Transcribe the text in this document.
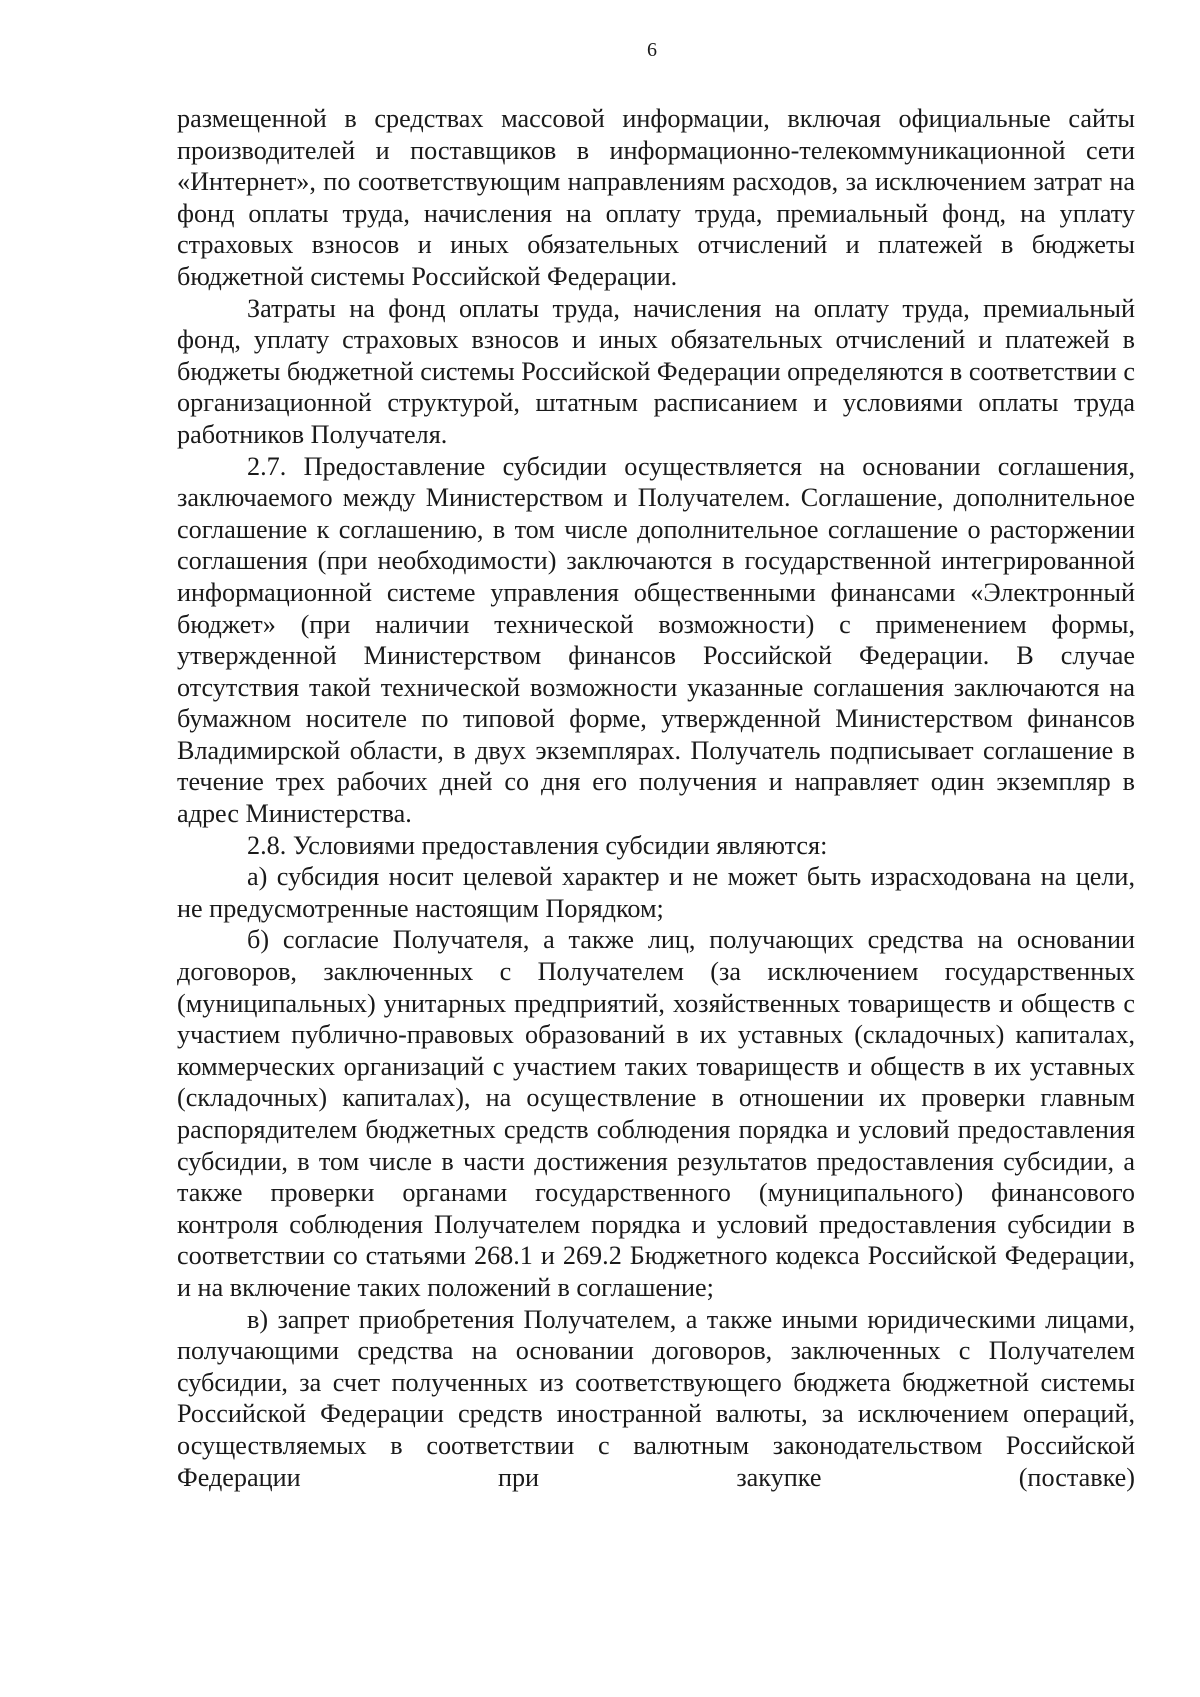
6

размещенной в средствах массовой информации, включая официальные сайты производителей и поставщиков в информационно-телекоммуникационной сети «Интернет», по соответствующим направлениям расходов, за исключением затрат на фонд оплаты труда, начисления на оплату труда, премиальный фонд, на уплату страховых взносов и иных обязательных отчислений и платежей в бюджеты бюджетной системы Российской Федерации.

Затраты на фонд оплаты труда, начисления на оплату труда, премиальный фонд, уплату страховых взносов и иных обязательных отчислений и платежей в бюджеты бюджетной системы Российской Федерации определяются в соответствии с организационной структурой, штатным расписанием и условиями оплаты труда работников Получателя.

2.7. Предоставление субсидии осуществляется на основании соглашения, заключаемого между Министерством и Получателем. Соглашение, дополнительное соглашение к соглашению, в том числе дополнительное соглашение о расторжении соглашения (при необходимости) заключаются в государственной интегрированной информационной системе управления общественными финансами «Электронный бюджет» (при наличии технической возможности) с применением формы, утвержденной Министерством финансов Российской Федерации. В случае отсутствия такой технической возможности указанные соглашения заключаются на бумажном носителе по типовой форме, утвержденной Министерством финансов Владимирской области, в двух экземплярах. Получатель подписывает соглашение в течение трех рабочих дней со дня его получения и направляет один экземпляр в адрес Министерства.

2.8. Условиями предоставления субсидии являются:

а) субсидия носит целевой характер и не может быть израсходована на цели, не предусмотренные настоящим Порядком;

б) согласие Получателя, а также лиц, получающих средства на основании договоров, заключенных с Получателем (за исключением государственных (муниципальных) унитарных предприятий, хозяйственных товариществ и обществ с участием публично-правовых образований в их уставных (складочных) капиталах, коммерческих организаций с участием таких товариществ и обществ в их уставных (складочных) капиталах), на осуществление в отношении их проверки главным распорядителем бюджетных средств соблюдения порядка и условий предоставления субсидии, в том числе в части достижения результатов предоставления субсидии, а также проверки органами государственного (муниципального) финансового контроля соблюдения Получателем порядка и условий предоставления субсидии в соответствии со статьями 268.1 и 269.2 Бюджетного кодекса Российской Федерации, и на включение таких положений в соглашение;

в) запрет приобретения Получателем, а также иными юридическими лицами, получающими средства на основании договоров, заключенных с Получателем субсидии, за счет полученных из соответствующего бюджета бюджетной системы Российской Федерации средств иностранной валюты, за исключением операций, осуществляемых в соответствии с валютным законодательством Российской Федерации при закупке (поставке)
